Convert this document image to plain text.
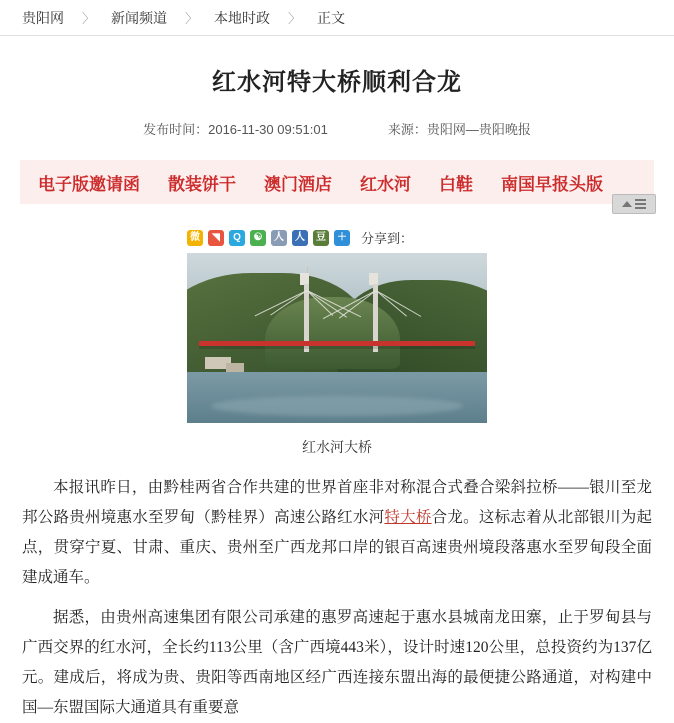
贵阳网 〉 新闻频道 〉 本地时政 〉 正文
红水河特大桥顺利合龙
发布时间：2016-11-30 09:51:01	来源：贵阳网—贵阳晚报
电子版邀请函	散装饼干	澳门酒店	红水河	白鞋	南国早报头版
微	◥	Q	☯	人	人	豆	＋ 分享到：
红水河大桥

本报讯昨日，由黔桂两省合作共建的世界首座非对称混合式叠合梁斜拉桥——银川至龙邦公路贵州境惠水至罗甸（黔桂界）高速公路红水河特大桥合龙。这标志着从北部银川为起点，贯穿宁夏、甘肃、重庆、贵州至广西龙邦口岸的银百高速贵州境段落惠水至罗甸段全面建成通车。

据悉，由贵州高速集团有限公司承建的惠罗高速起于惠水县城南龙田寨，止于罗甸县与广西交界的红水河，全长约113公里（含广西境443米），设计时速120公里，总投资约为137亿元。建成后，将成为贵、贵阳等西南地区经广西连接东盟出海的最便捷公路通道，对构建中国—东盟国际大通道具有重要意
